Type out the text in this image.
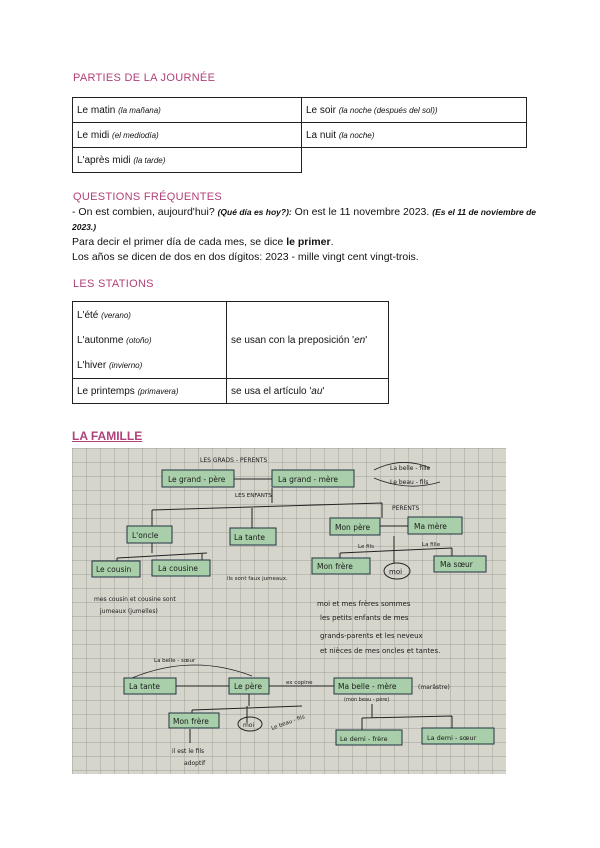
PARTIES DE LA JOURNÉE
Le matin (la mañana)	Le soir (la noche (después del sol))
Le midi (el mediodía)	La nuit (la noche)
L'après midi (la tarde)	
QUESTIONS FRÉQUENTES
- On est combien, aujourd'hui? (Qué día es hoy?): On est le 11 novembre 2023. (Es el 11 de noviembre de 2023.)
Para decir el primer día de cada mes, se dice le primer.
Los años se dicen de dos en dos dígitos: 2023 - mille vingt cent vingt-trois.
LES STATIONS
L'été (verano)
L'autonme (otoño)
L'hiver (invierno)	se usan con la preposición 'en'
Le printemps (primavera)	se usa el artículo 'au'
LA FAMILLE
LES GRADS - PERENTS
Le grand - père	La grand - mère
La belle - fille
Le beau - fils
LES ENFANTS
PERENTS
L'oncle	La tante
Mon père	Ma mère
Le fils	La fille
Le cousin	La cousine
ils sont faux jumeaux.
Mon frère
moi
Ma sœur
mes cousin et cousine sont
jumeaux (jumelles)
moi et mes frères sommes
les petits enfants de mes
grands-parents et les neveux
et nièces de mes oncles et tantes.
La belle - sœur
La tante	Le père	ex copine	Ma belle - mère	(marâstre)
(mon beau - père)
Mon frère	moi	Le beau - fils
Le demi - frère	La demi - sœur
il est le fils
adoptif
